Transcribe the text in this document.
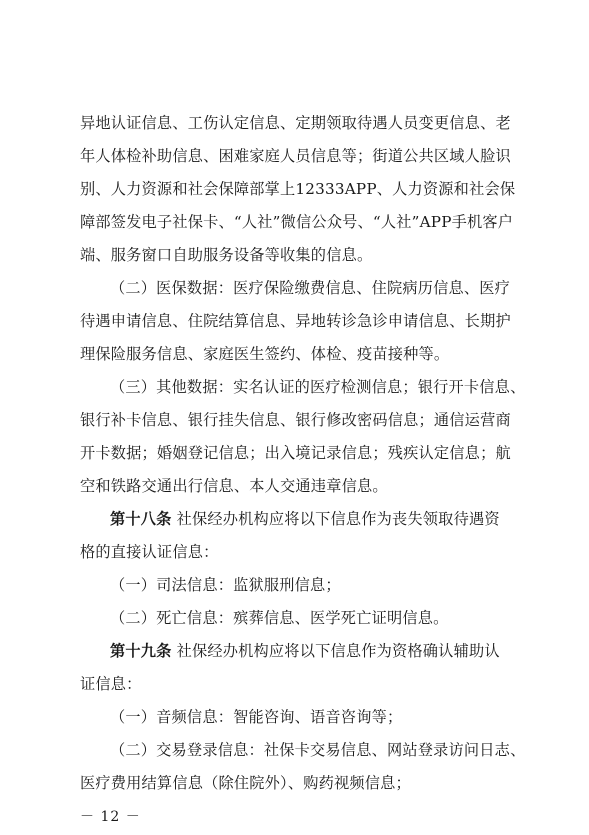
异地认证信息、工伤认定信息、定期领取待遇人员变更信息、老
年人体检补助信息、困难家庭人员信息等；街道公共区域人脸识
别、人力资源和社会保障部掌上12333APP、人力资源和社会保
障部签发电子社保卡、“人社”微信公众号、“人社”APP手机客户
端、服务窗口自助服务设备等收集的信息。
（二）医保数据：医疗保险缴费信息、住院病历信息、医疗
待遇申请信息、住院结算信息、异地转诊急诊申请信息、长期护
理保险服务信息、家庭医生签约、体检、疫苗接种等。
（三）其他数据：实名认证的医疗检测信息；银行开卡信息、
银行补卡信息、银行挂失信息、银行修改密码信息；通信运营商
开卡数据；婚姻登记信息；出入境记录信息；残疾认定信息；航
空和铁路交通出行信息、本人交通违章信息。
第十八条 社保经办机构应将以下信息作为丧失领取待遇资
格的直接认证信息：
（一）司法信息：监狱服刑信息；
（二）死亡信息：殡葬信息、医学死亡证明信息。
第十九条 社保经办机构应将以下信息作为资格确认辅助认
证信息：
（一）音频信息：智能咨询、语音咨询等；
（二）交易登录信息：社保卡交易信息、网站登录访问日志、
医疗费用结算信息（除住院外）、购药视频信息；
－ 12 －
